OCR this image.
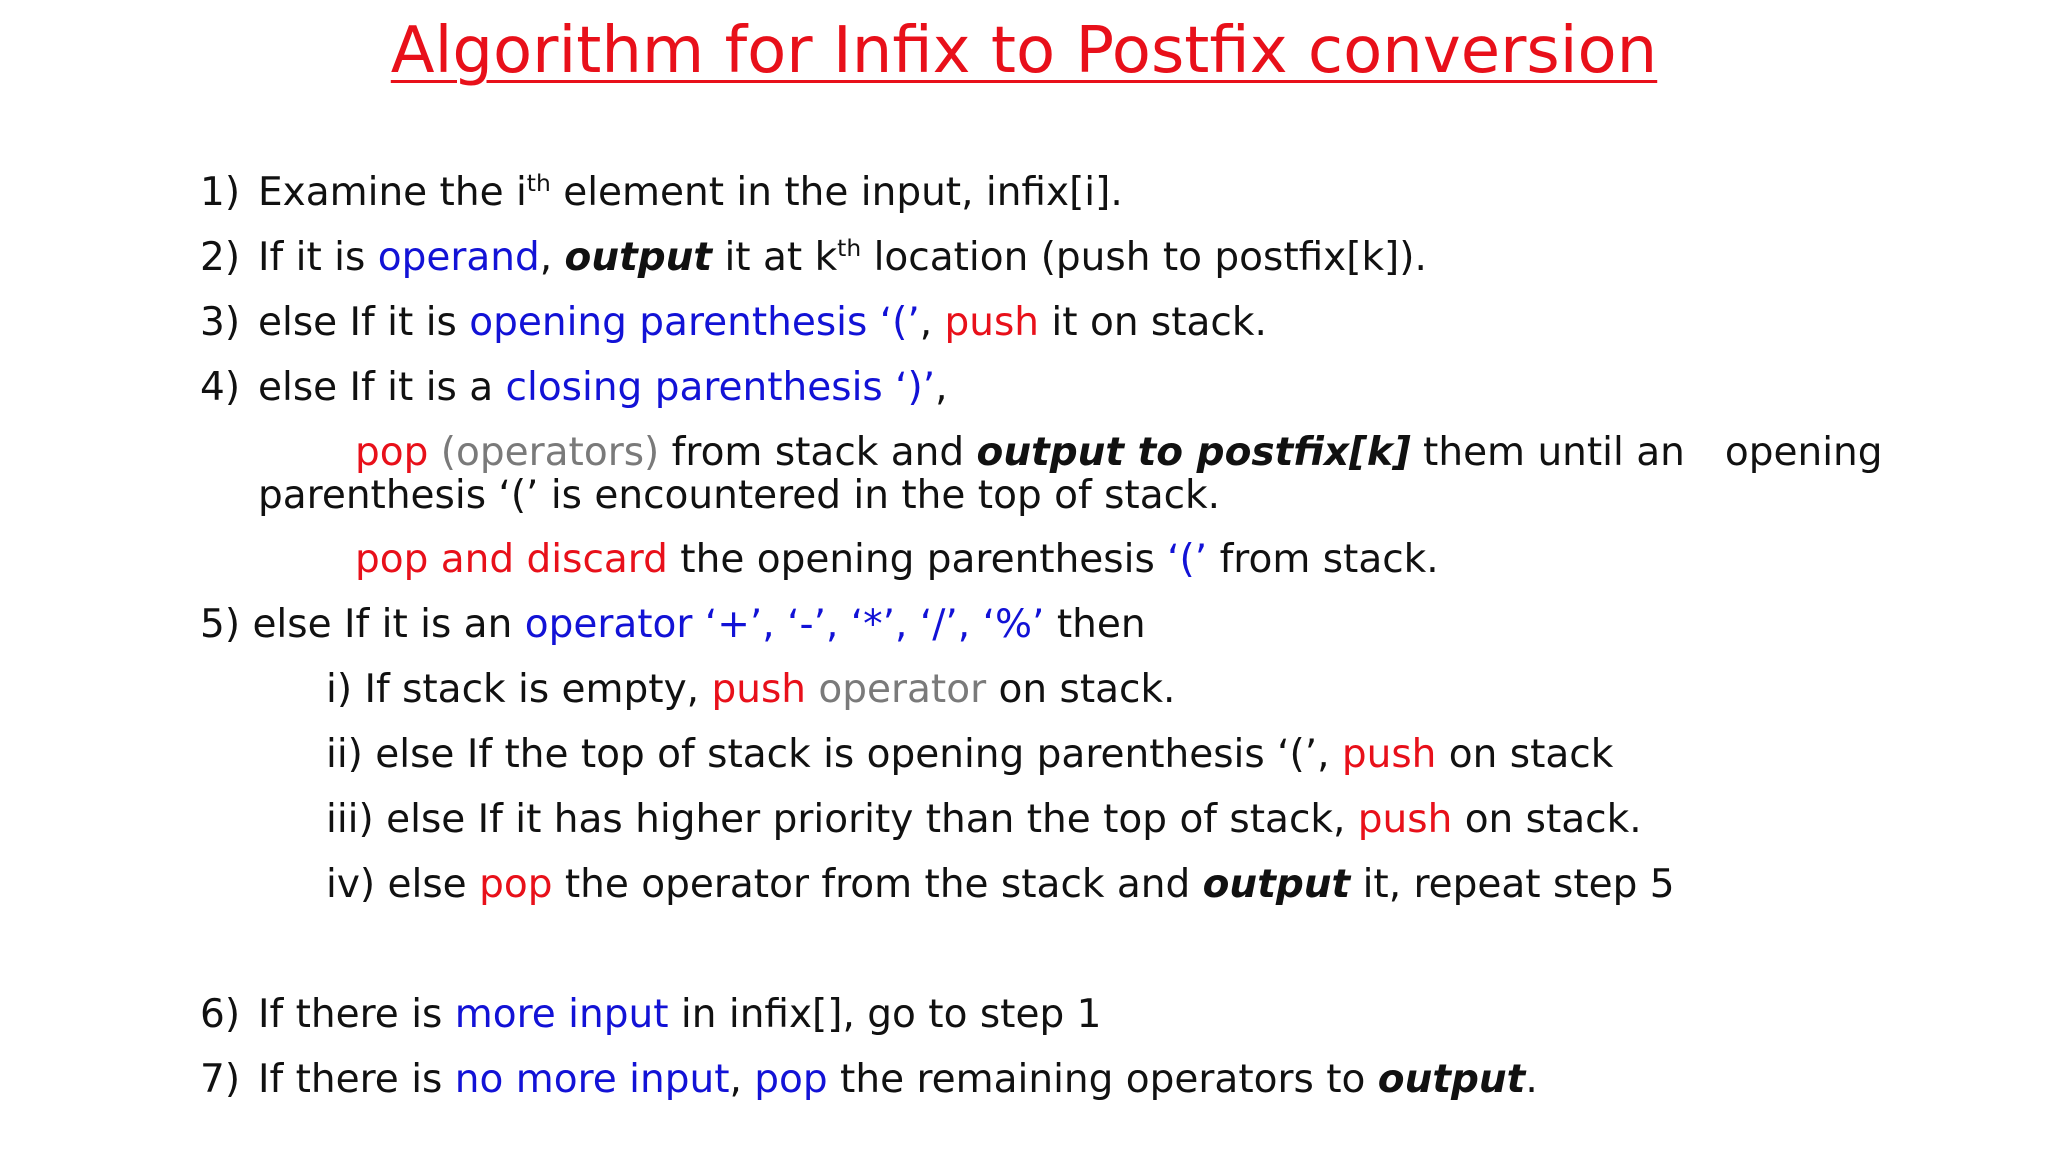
Algorithm for Infix to Postfix conversion
1) Examine the $i^{th}$ element in the input, infix[i].
2) If it is operand, output it at $k^{th}$ location (push to postfix[k]).
3) else If it is opening parenthesis ‘(’, push it on stack.
4) else If it is a closing parenthesis ‘)’,
pop (operators) from stack and output to postfix[k] them until an opening
parenthesis ‘(’ is encountered in the top of stack.
pop and discard the opening parenthesis ‘(’ from stack.
5) else If it is an operator ‘+’, ‘-’, ‘*’, ‘/’, ‘%’ then
i) If stack is empty, push operator on stack.
ii) else If the top of stack is opening parenthesis ‘(’, push on stack
iii) else If it has higher priority than the top of stack, push on stack.
iv) else pop the operator from the stack and output it, repeat step 5
6) If there is more input in infix[], go to step 1
7) If there is no more input, pop the remaining operators to output.
